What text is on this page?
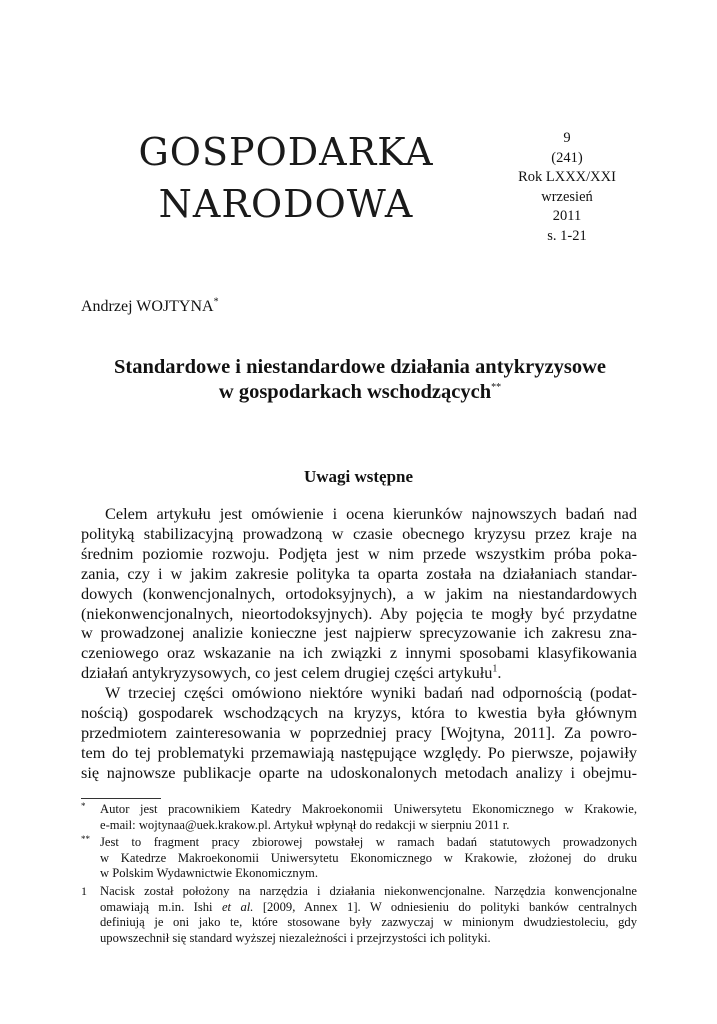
GOSPODARKA
NARODOWA
9
(241)
Rok LXXX/XXI
wrzesień
2011
s. 1-21
Andrzej WOJTYNA*
Standardowe i niestandardowe działania antykryzysowe
w gospodarkach wschodzących**
Uwagi wstępne
Celem artykułu jest omówienie i ocena kierunków najnowszych badań nad
polityką stabilizacyjną prowadzoną w czasie obecnego kryzysu przez kraje na
średnim poziomie rozwoju. Podjęta jest w nim przede wszystkim próba poka-
zania, czy i w jakim zakresie polityka ta oparta została na działaniach standar-
dowych (konwencjonalnych, ortodoksyjnych), a w jakim na niestandardowych
(niekonwencjonalnych, nieortodoksyjnych). Aby pojęcia te mogły być przydatne
w prowadzonej analizie konieczne jest najpierw sprecyzowanie ich zakresu zna-
czeniowego oraz wskazanie na ich związki z innymi sposobami klasyfikowania
działań antykryzysowych, co jest celem drugiej części artykułu$^1$.
W trzeciej części omówiono niektóre wyniki badań nad odpornością (podat-
nością) gospodarek wschodzących na kryzys, która to kwestia była głównym
przedmiotem zainteresowania w poprzedniej pracy [Wojtyna, 2011]. Za powro-
tem do tej problematyki przemawiają następujące względy. Po pierwsze, pojawiły
się najnowsze publikacje oparte na udoskonalonych metodach analizy i obejmu-
* Autor jest pracownikiem Katedry Makroekonomii Uniwersytetu Ekonomicznego w Krakowie,
e-mail: wojtynaa@uek.krakow.pl. Artykuł wpłynął do redakcji w sierpniu 2011 r.
** Jest to fragment pracy zbiorowej powstałej w ramach badań statutowych prowadzonych
w Katedrze Makroekonomii Uniwersytetu Ekonomicznego w Krakowie, złożonej do druku
w Polskim Wydawnictwie Ekonomicznym.
1 Nacisk został położony na narzędzia i działania niekonwencjonalne. Narzędzia konwencjonalne
omawiają m.in. Ishi et al. [2009, Annex 1]. W odniesieniu do polityki banków centralnych
definiują je oni jako te, które stosowane były zazwyczaj w minionym dwudziestoleciu, gdy
upowszechnił się standard wyższej niezależności i przejrzystości ich polityki.
